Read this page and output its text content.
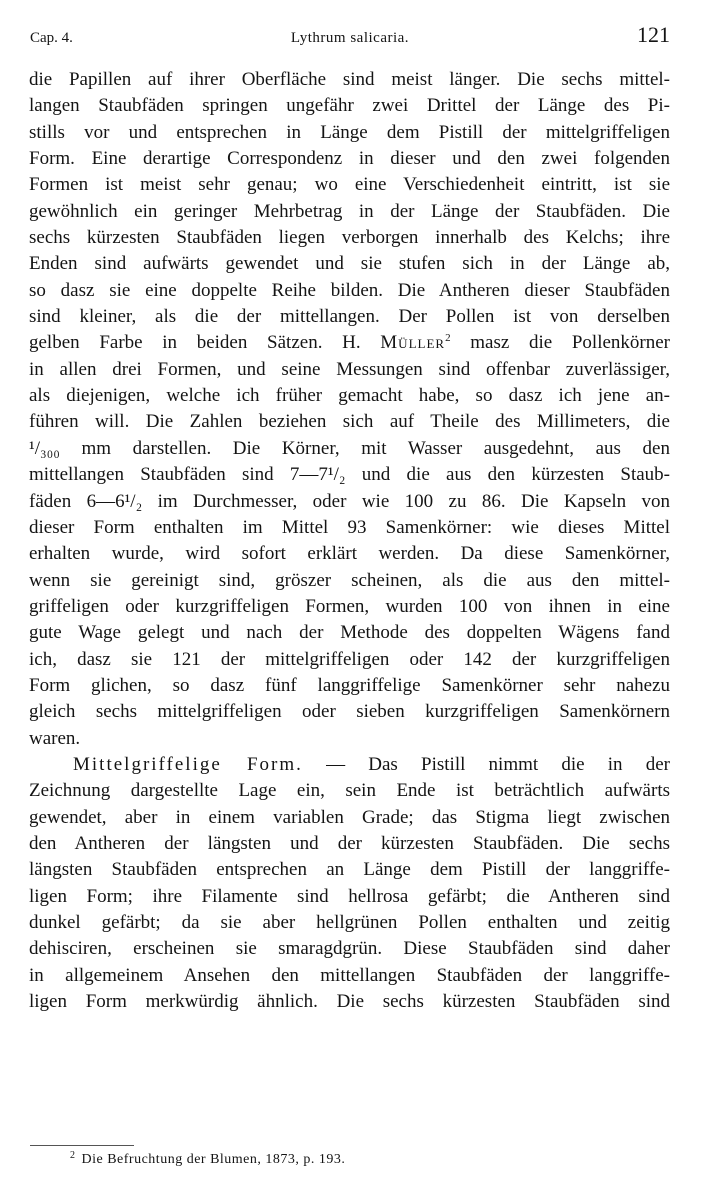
Cap. 4.	Lythrum salicaria.	121
die Papillen auf ihrer Oberfläche sind meist länger. Die sechs mittel-
langen Staubfäden springen ungefähr zwei Drittel der Länge des Pi-
stills vor und entsprechen in Länge dem Pistill der mittelgriffeligen
Form. Eine derartige Correspondenz in dieser und den zwei folgenden
Formen ist meist sehr genau; wo eine Verschiedenheit eintritt, ist sie
gewöhnlich ein geringer Mehrbetrag in der Länge der Staubfäden. Die
sechs kürzesten Staubfäden liegen verborgen innerhalb des Kelchs; ihre
Enden sind aufwärts gewendet und sie stufen sich in der Länge ab,
so dasz sie eine doppelte Reihe bilden. Die Antheren dieser Staubfäden
sind kleiner, als die der mittellangen. Der Pollen ist von derselben
gelben Farbe in beiden Sätzen. H. Müller$^2$ masz die Pollenkörner
in allen drei Formen, und seine Messungen sind offenbar zuverlässiger,
als diejenigen, welche ich früher gemacht habe, so dasz ich jene an-
führen will. Die Zahlen beziehen sich auf Theile des Millimeters, die
¹/₃₀₀ mm darstellen. Die Körner, mit Wasser ausgedehnt, aus den
mittellangen Staubfäden sind 7—7¹/₂ und die aus den kürzesten Staub-
fäden 6—6¹/₂ im Durchmesser, oder wie 100 zu 86. Die Kapseln von
dieser Form enthalten im Mittel 93 Samenkörner: wie dieses Mittel
erhalten wurde, wird sofort erklärt werden. Da diese Samenkörner,
wenn sie gereinigt sind, gröszer scheinen, als die aus den mittel-
griffeligen oder kurzgriffeligen Formen, wurden 100 von ihnen in eine
gute Wage gelegt und nach der Methode des doppelten Wägens fand
ich, dasz sie 121 der mittelgriffeligen oder 142 der kurzgriffeligen
Form glichen, so dasz fünf langgriffelige Samenkörner sehr nahezu
gleich sechs mittelgriffeligen oder sieben kurzgriffeligen Samenkörnern
waren.
Mittelgriffelige Form. — Das Pistill nimmt die in der
Zeichnung dargestellte Lage ein, sein Ende ist beträchtlich aufwärts
gewendet, aber in einem variablen Grade; das Stigma liegt zwischen
den Antheren der längsten und der kürzesten Staubfäden. Die sechs
längsten Staubfäden entsprechen an Länge dem Pistill der langgriffe-
ligen Form; ihre Filamente sind hellrosa gefärbt; die Antheren sind
dunkel gefärbt; da sie aber hellgrünen Pollen enthalten und zeitig
dehisciren, erscheinen sie smaragdgrün. Diese Staubfäden sind daher
in allgemeinem Ansehen den mittellangen Staubfäden der langgriffe-
ligen Form merkwürdig ähnlich. Die sechs kürzesten Staubfäden sind
$^2$ Die Befruchtung der Blumen, 1873, p. 193.
